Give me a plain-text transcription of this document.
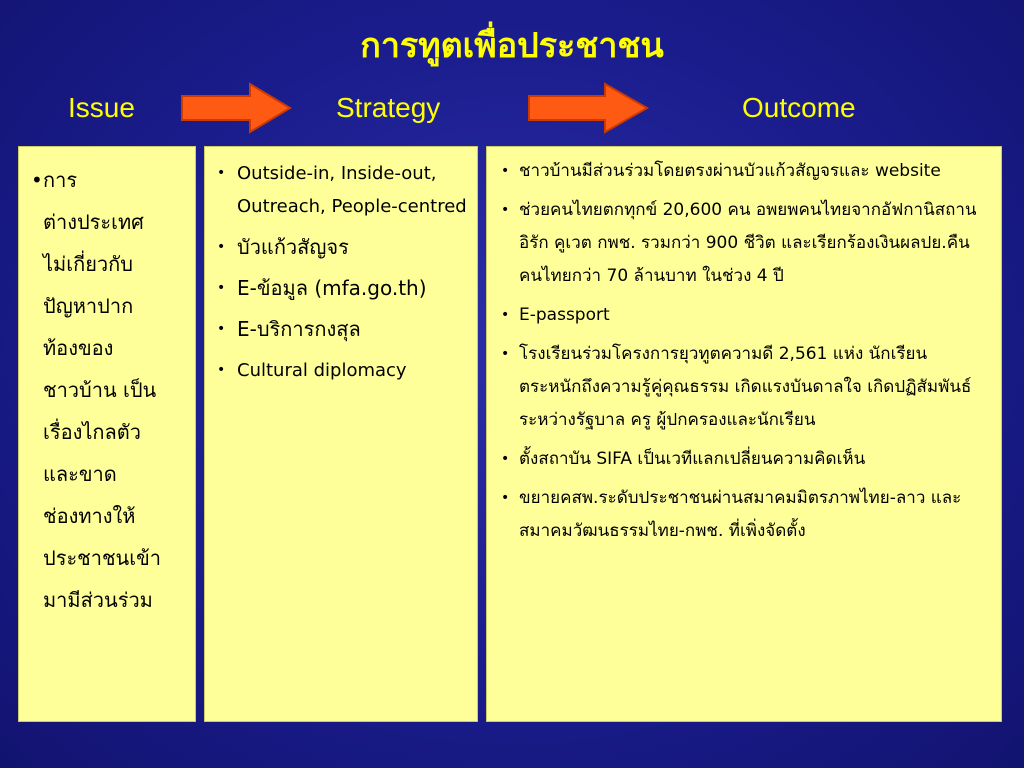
การทูตเพื่อประชาชน
Issue	Strategy	Outcome
• การ
ต่างประเทศ
ไม่เกี่ยวกับ
ปัญหาปาก
ท้องของ
ชาวบ้าน เป็น
เรื่องไกลตัว
และขาด
ช่องทางให้
ประชาชนเข้า
มามีส่วนร่วม
• Outside-in, Inside-out, Outreach, People-centred
• บัวแก้วสัญจร
• E-ข้อมูล (mfa.go.th)
• E-บริการกงสุล
• Cultural diplomacy
• ชาวบ้านมีส่วนร่วมโดยตรงผ่านบัวแก้วสัญจรและ website
• ช่วยคนไทยตกทุกข์ 20,600 คน อพยพคนไทยจากอัฟกานิสถาน อิรัก คูเวต กพช. รวมกว่า 900 ชีวิต และเรียกร้องเงินผลปย.คืนคนไทยกว่า 70 ล้านบาท ในช่วง 4 ปี
• E-passport
• โรงเรียนร่วมโครงการยุวทูตความดี 2,561 แห่ง นักเรียนตระหนักถึงความรู้คู่คุณธรรม เกิดแรงบันดาลใจ เกิดปฏิสัมพันธ์ระหว่างรัฐบาล ครู ผู้ปกครองและนักเรียน
• ตั้งสถาบัน SIFA เป็นเวทีแลกเปลี่ยนความคิดเห็น
• ขยายคสพ.ระดับประชาชนผ่านสมาคมมิตรภาพไทย-ลาว และสมาคมวัฒนธรรมไทย-กพช. ที่เพิ่งจัดตั้ง
